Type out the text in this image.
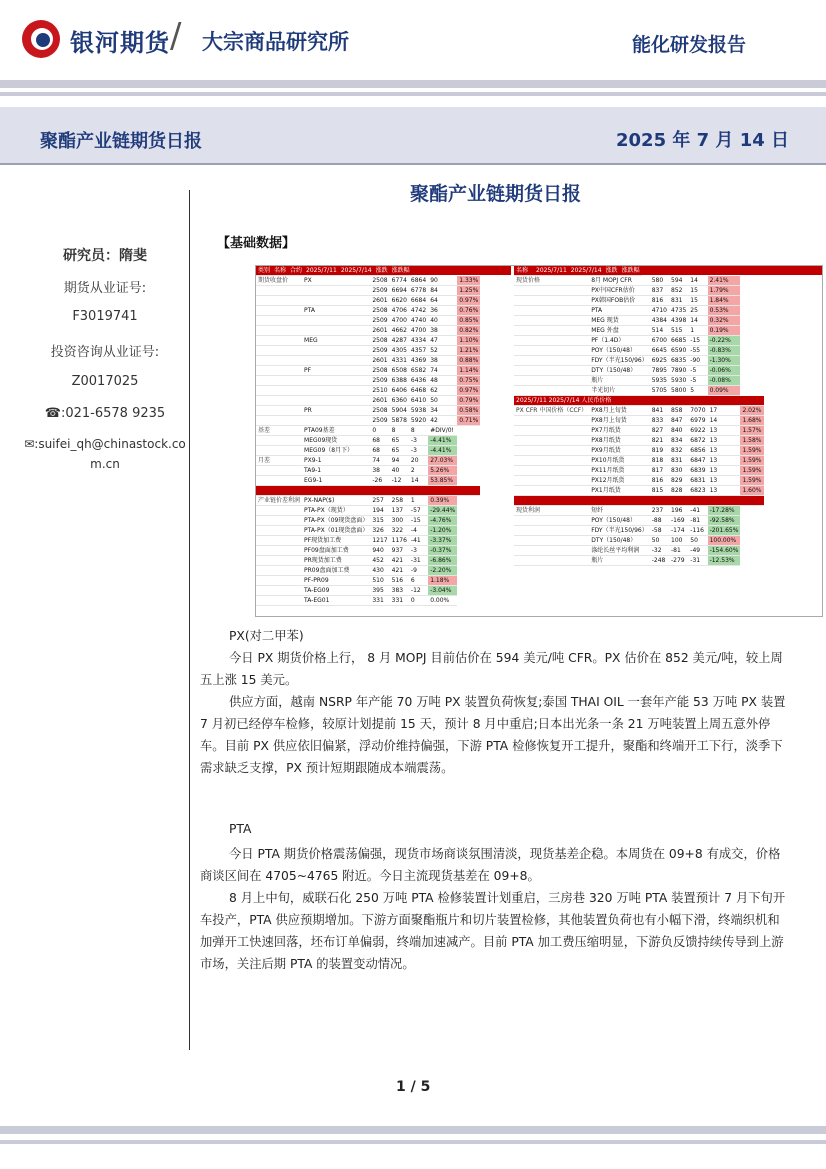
银河期货 / 大宗商品研究所	能化研发报告
聚酯产业链期货日报	2025 年 7 月 14 日
聚酯产业链期货日报
研究员：隋斐
期货从业证号:
F3019741
投资咨询从业证号:
Z0017025
☎:021-6578 9235
✉:suifei_qh@chinastock.co
m.cn
【基础数据】
类别	名称	合约	2025/7/11	2025/7/14	涨跌	涨跌幅
期货收盘价	PX	2508	6774	6864	90	1.33%
		2509	6694	6778	84	1.25%
		2601	6620	6684	64	0.97%
	PTA	2508	4706	4742	36	0.76%
		2509	4700	4740	40	0.85%
		2601	4662	4700	38	0.82%
	MEG	2508	4287	4334	47	1.10%
		2509	4305	4357	52	1.21%
		2601	4331	4369	38	0.88%
	PF	2508	6508	6582	74	1.14%
		2509	6388	6436	48	0.75%
		2510	6406	6468	62	0.97%
		2601	6360	6410	50	0.79%
	PR	2508	5904	5938	34	0.58%
		2509	5878	5920	42	0.71%
基差	PTA09基差	0	8	8	#DIV/0!	
	MEG09现货	68	65	-3	-4.41%	
	MEG09（8月下）	68	65	-3	-4.41%	
月差	PX9-1	74	94	20	27.03%	
	TA9-1	38	40	2	5.26%	
	EG9-1	-26	-12	14	53.85%	

产业链价差利润	PX-NAP($)	257	258	1	0.39%	
	PTA-PX（现货）	194	137	-57	-29.44%	
	PTA-PX（09现货盘面）	315	300	-15	-4.76%	
	PTA-PX（01现货盘面）	326	322	-4	-1.20%	
	PF现货加工费	1217	1176	-41	-3.37%	
	PF09盘面加工费	940	937	-3	-0.37%	
	PR现货加工费	452	421	-31	-6.86%	
	PR09盘面加工费	430	421	-9	-2.20%	
	PF-PR09	510	516	6	1.18%	
	TA-EG09	395	383	-12	-3.04%	
	TA-EG01	331	331	0	0.00%	
名称		2025/7/11	2025/7/14	涨跌	涨跌幅
现货价格	8月 MOPJ CFR	580	594	14	2.41%	
	PX中国CFR估价	837	852	15	1.79%	
	PX韩国FOB估价	816	831	15	1.84%	
	PTA	4710	4735	25	0.53%	
	MEG 现货	4384	4398	14	0.32%	
	MEG 外盘	514	515	1	0.19%	
	PF（1.4D）	6700	6685	-15	-0.22%	
	POY（150/48）	6645	6590	-55	-0.83%	
	FDY（半光150/96）	6925	6835	-90	-1.30%	
	DTY（150/48）	7895	7890	-5	-0.06%	
	瓶片	5935	5930	-5	-0.08%	
	半光切片	5705	5800	5	0.09%	
2025/7/11 2025/7/14 人民币价格						
PX CFR 中国价格（CCF）	PX8月上旬货	841	858	7070	17	2.02%
	PX8月上旬货	833	847	6979	14	1.68%
	PX7月纸货	827	840	6922	13	1.57%
	PX8月纸货	821	834	6872	13	1.58%
	PX9月纸货	819	832	6856	13	1.59%
	PX10月纸货	818	831	6847	13	1.59%
	PX11月纸货	817	830	6839	13	1.59%
	PX12月纸货	816	829	6831	13	1.59%
	PX1月纸货	815	828	6823	13	1.60%

现货利润	短纤	237	196	-41	-17.28%	
	POY（150/48）	-88	-169	-81	-92.58%	
	FDY（半光150/96）	-58	-174	-116	-201.65%	
	DTY（150/48）	50	100	50	100.00%	
	涤纶长丝平均利润	-32	-81	-49	-154.60%	
	瓶片	-248	-279	-31	-12.53%	
PX(对二甲苯)
今日 PX 期货价格上行， 8 月 MOPJ 目前估价在 594 美元/吨 CFR。PX 估价在 852 美元/吨，较上周五上涨 15 美元。
供应方面，越南 NSRP 年产能 70 万吨 PX 装置负荷恢复;泰国 THAI OIL 一套年产能 53 万吨 PX 装置 7 月初已经停车检修，较原计划提前 15 天，预计 8 月中重启;日本出光条一条 21 万吨装置上周五意外停车。目前 PX 供应依旧偏紧，浮动价维持偏强，下游 PTA 检修恢复开工提升，聚酯和终端开工下行，淡季下需求缺乏支撑，PX 预计短期跟随成本端震荡。
PTA
今日 PTA 期货价格震荡偏强，现货市场商谈氛围清淡，现货基差企稳。本周货在 09+8 有成交，价格商谈区间在 4705~4765 附近。今日主流现货基差在 09+8。
8 月上中旬，威联石化 250 万吨 PTA 检修装置计划重启，三房巷 320 万吨 PTA 装置预计 7 月下旬开车投产，PTA 供应预期增加。下游方面聚酯瓶片和切片装置检修，其他装置负荷也有小幅下滑，终端织机和加弹开工快速回落，坯布订单偏弱，终端加速减产。目前 PTA 加工费压缩明显，下游负反馈持续传导到上游市场，关注后期 PTA 的装置变动情况。
1 / 5
